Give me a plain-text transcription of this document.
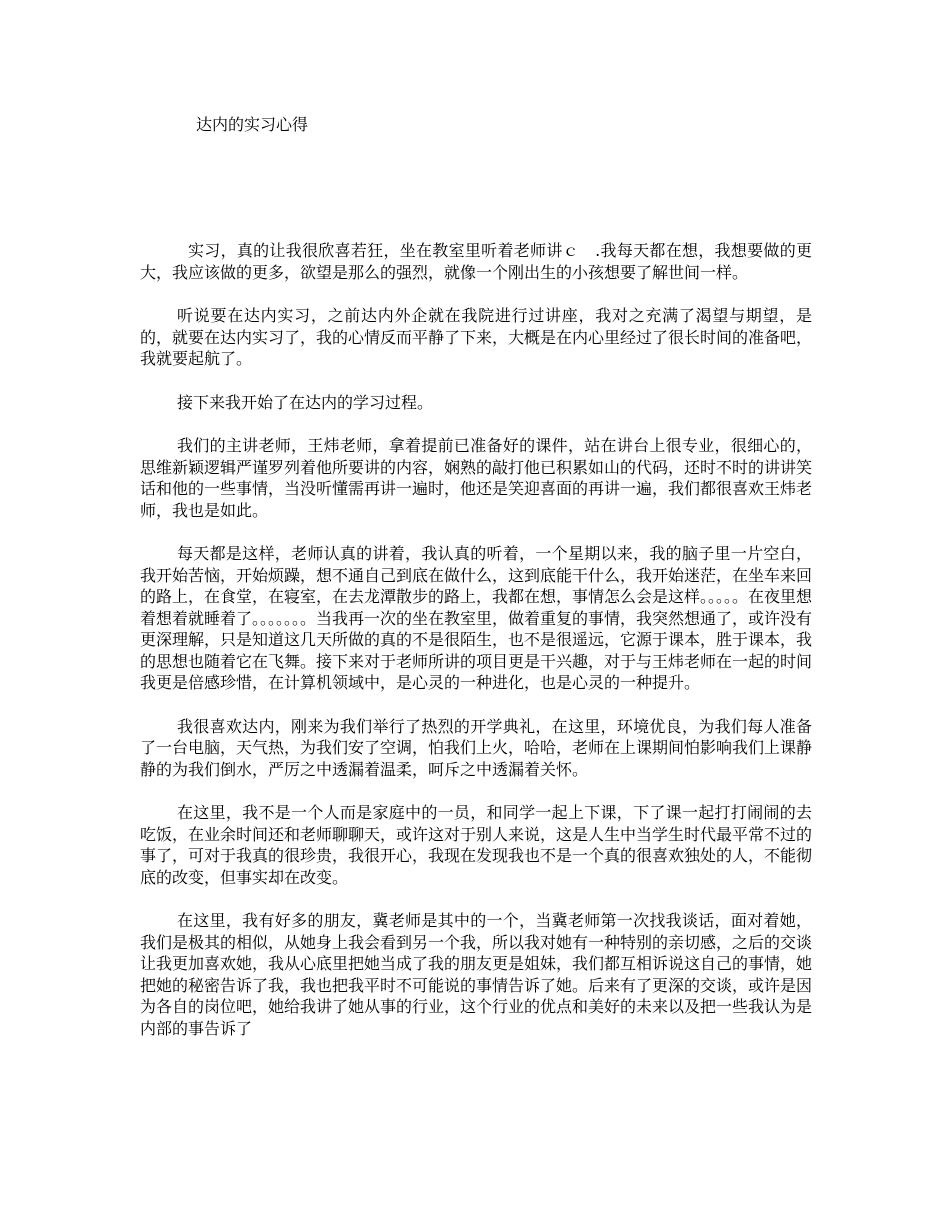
达内的实习心得

实习，真的让我很欣喜若狂，坐在教室里听着老师讲ｃ　.我每天都在想，我想要做的更大，我应该做的更多，欲望是那么的强烈，就像一个刚出生的小孩想要了解世间一样。

听说要在达内实习，之前达内外企就在我院进行过讲座，我对之充满了渴望与期望，是的，就要在达内实习了，我的心情反而平静了下来，大概是在内心里经过了很长时间的准备吧，我就要起航了。

接下来我开始了在达内的学习过程。

我们的主讲老师，王炜老师，拿着提前已准备好的课件，站在讲台上很专业，很细心的，思维新颖逻辑严谨罗列着他所要讲的内容，娴熟的敲打他已积累如山的代码，还时不时的讲讲笑话和他的一些事情，当没听懂需再讲一遍时，他还是笑迎喜面的再讲一遍，我们都很喜欢王炜老师，我也是如此。

每天都是这样，老师认真的讲着，我认真的听着，一个星期以来，我的脑子里一片空白，我开始苦恼，开始烦躁，想不通自己到底在做什么，这到底能干什么，我开始迷茫，在坐车来回的路上，在食堂，在寝室，在去龙潭散步的路上，我都在想，事情怎么会是这样。。。。。在夜里想着想着就睡着了。。。。。。。当我再一次的坐在教室里，做着重复的事情，我突然想通了，或许没有更深理解，只是知道这几天所做的真的不是很陌生，也不是很遥远，它源于课本，胜于课本，我的思想也随着它在飞舞。接下来对于老师所讲的项目更是干兴趣，对于与王炜老师在一起的时间我更是倍感珍惜，在计算机领域中，是心灵的一种进化，也是心灵的一种提升。

我很喜欢达内，刚来为我们举行了热烈的开学典礼，在这里，环境优良，为我们每人准备了一台电脑，天气热，为我们安了空调，怕我们上火，哈哈，老师在上课期间怕影响我们上课静静的为我们倒水，严厉之中透漏着温柔，呵斥之中透漏着关怀。

在这里，我不是一个人而是家庭中的一员，和同学一起上下课，下了课一起打打闹闹的去吃饭，在业余时间还和老师聊聊天，或许这对于别人来说，这是人生中当学生时代最平常不过的事了，可对于我真的很珍贵，我很开心，我现在发现我也不是一个真的很喜欢独处的人，不能彻底的改变，但事实却在改变。

在这里，我有好多的朋友，冀老师是其中的一个，当冀老师第一次找我谈话，面对着她，我们是极其的相似，从她身上我会看到另一个我，所以我对她有一种特别的亲切感，之后的交谈让我更加喜欢她，我从心底里把她当成了我的朋友更是姐妹，我们都互相诉说这自己的事情，她把她的秘密告诉了我，我也把我平时不可能说的事情告诉了她。后来有了更深的交谈，或许是因为各自的岗位吧，她给我讲了她从事的行业，这个行业的优点和美好的未来以及把一些我认为是内部的事告诉了
